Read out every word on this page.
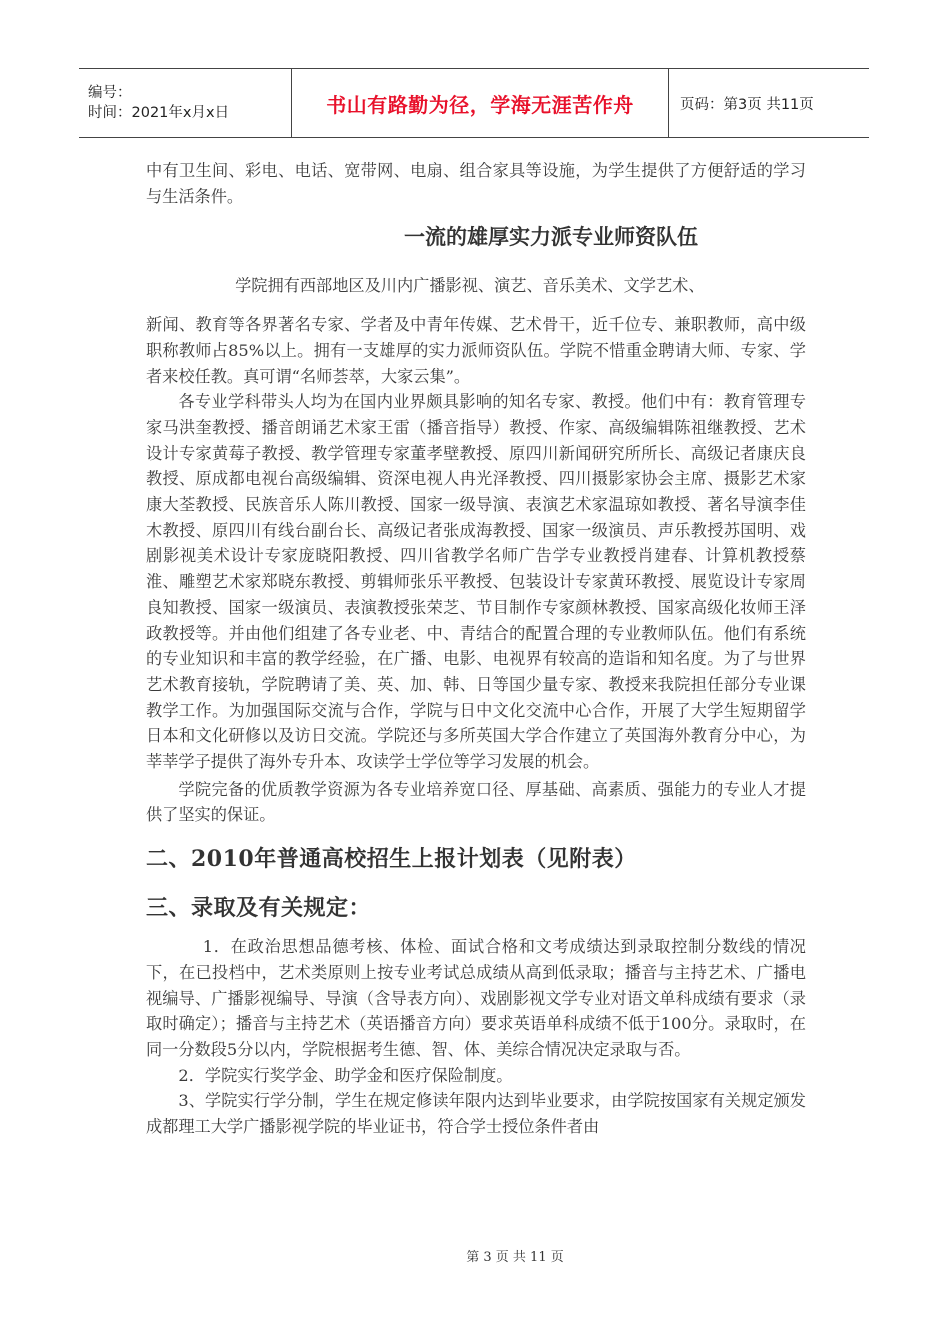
编号：
时间：2021年x月x日	书山有路勤为径，学海无涯苦作舟	页码：第3页 共11页

中有卫生间、彩电、电话、宽带网、电扇、组合家具等设施，为学生提供了方便舒适的学习与生活条件。

一流的雄厚实力派专业师资队伍

学院拥有西部地区及川内广播影视、演艺、音乐美术、文学艺术、

新闻、教育等各界著名专家、学者及中青年传媒、艺术骨干，近千位专、兼职教师，高中级职称教师占85%以上。拥有一支雄厚的实力派师资队伍。学院不惜重金聘请大师、专家、学者来校任教。真可谓“名师荟萃，大家云集”。

各专业学科带头人均为在国内业界颇具影响的知名专家、教授。他们中有：教育管理专家马洪奎教授、播音朗诵艺术家王雷（播音指导）教授、作家、高级编辑陈祖继教授、艺术设计专家黄莓子教授、教学管理专家董孝壁教授、原四川新闻研究所所长、高级记者康庆良教授、原成都电视台高级编辑、资深电视人冉光泽教授、四川摄影家协会主席、摄影艺术家康大荃教授、民族音乐人陈川教授、国家一级导演、表演艺术家温琼如教授、著名导演李佳木教授、原四川有线台副台长、高级记者张成海教授、国家一级演员、声乐教授苏国明、戏剧影视美术设计专家庞晓阳教授、四川省教学名师广告学专业教授肖建春、计算机教授蔡淮、雕塑艺术家郑晓东教授、剪辑师张乐平教授、包装设计专家黄环教授、展览设计专家周良知教授、国家一级演员、表演教授张荣芝、节目制作专家颜林教授、国家高级化妆师王泽政教授等。并由他们组建了各专业老、中、青结合的配置合理的专业教师队伍。他们有系统的专业知识和丰富的教学经验，在广播、电影、电视界有较高的造诣和知名度。为了与世界艺术教育接轨，学院聘请了美、英、加、韩、日等国少量专家、教授来我院担任部分专业课教学工作。为加强国际交流与合作，学院与日中文化交流中心合作，开展了大学生短期留学日本和文化研修以及访日交流。学院还与多所英国大学合作建立了英国海外教育分中心，为莘莘学子提供了海外专升本、攻读学士学位等学习发展的机会。

学院完备的优质教学资源为各专业培养宽口径、厚基础、高素质、强能力的专业人才提供了坚实的保证。

二、2010年普通高校招生上报计划表（见附表）

三、录取及有关规定：

1．在政治思想品德考核、体检、面试合格和文考成绩达到录取控制分数线的情况下，在已投档中，艺术类原则上按专业考试总成绩从高到低录取；播音与主持艺术、广播电视编导、广播影视编导、导演（含导表方向）、戏剧影视文学专业对语文单科成绩有要求（录取时确定）；播音与主持艺术（英语播音方向）要求英语单科成绩不低于100分。录取时，在同一分数段5分以内，学院根据考生德、智、体、美综合情况决定录取与否。

2．学院实行奖学金、助学金和医疗保险制度。

3、学院实行学分制，学生在规定修读年限内达到毕业要求，由学院按国家有关规定颁发成都理工大学广播影视学院的毕业证书，符合学士授位条件者由

第 3 页 共 11 页
